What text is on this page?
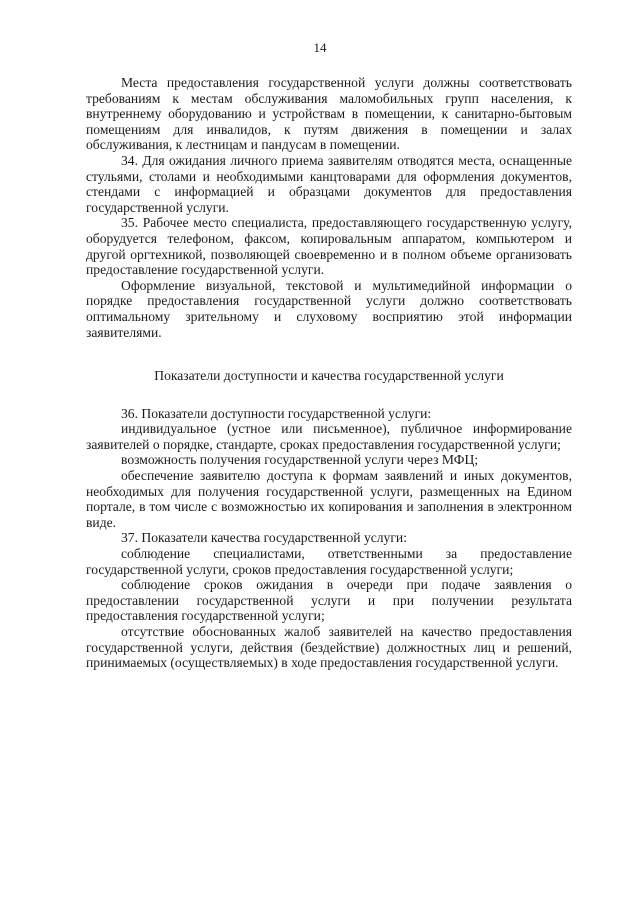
14

Места предоставления государственной услуги должны соответствовать требованиям к местам обслуживания маломобильных групп населения, к внутреннему оборудованию и устройствам в помещении, к санитарно-бытовым помещениям для инвалидов, к путям движения в помещении и залах обслуживания, к лестницам и пандусам в помещении.

34. Для ожидания личного приема заявителям отводятся места, оснащенные стульями, столами и необходимыми канцтоварами для оформления документов, стендами с информацией и образцами документов для предоставления государственной услуги.

35. Рабочее место специалиста, предоставляющего государственную услугу, оборудуется телефоном, факсом, копировальным аппаратом, компьютером и другой оргтехникой, позволяющей своевременно и в полном объеме организовать предоставление государственной услуги.

Оформление визуальной, текстовой и мультимедийной информации о порядке предоставления государственной услуги должно соответствовать оптимальному зрительному и слуховому восприятию этой информации заявителями.

Показатели доступности и качества государственной услуги

36. Показатели доступности государственной услуги:

индивидуальное (устное или письменное), публичное информирование заявителей о порядке, стандарте, сроках предоставления государственной услуги;

возможность получения государственной услуги через МФЦ;

обеспечение заявителю доступа к формам заявлений и иных документов, необходимых для получения государственной услуги, размещенных на Едином портале, в том числе с возможностью их копирования и заполнения в электронном виде.

37. Показатели качества государственной услуги:

соблюдение специалистами, ответственными за предоставление государственной услуги, сроков предоставления государственной услуги;

соблюдение сроков ожидания в очереди при подаче заявления о предоставлении государственной услуги и при получении результата предоставления государственной услуги;

отсутствие обоснованных жалоб заявителей на качество предоставления государственной услуги, действия (бездействие) должностных лиц и решений, принимаемых (осуществляемых) в ходе предоставления государственной услуги.
